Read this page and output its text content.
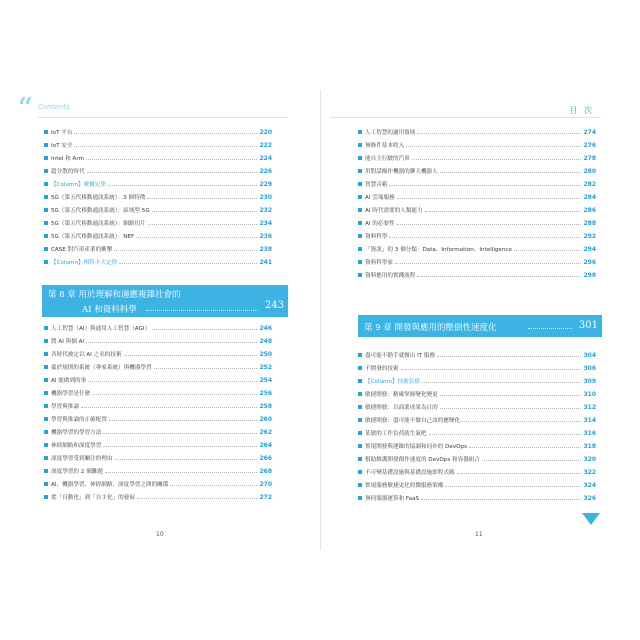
“ Contents
IoT 平台	220
IoT 安全	222
Intel 和 Arm	224
超分散的時代	226
【Column】摩爾定律	229
5G（第五代移動通訊系統）：3 個特徵	230
5G（第五代移動通訊系統）：區域型 5G	232
5G（第五代移動通訊系統）：網路切片	234
5G（第五代移動通訊系統）：NEF	236
CASE 對汽車產業的衝擊	238
【Column】梅特卡夫定律	241
第 8 章 用於理解和適應複雜社會的
AI 和資料科學	243
人工智慧（AI）與通用人工智慧（AGI）	246
將 AI 與個 AI	248
各時代被定以 AI 之名的技術	250
憂於規則的系統（專家系統）與機器學習	252
AI 能做到的事	254
機器學習是什麼	256
學習與推論	258
學習與推論的正確配置	260
機器學習的學習方法	262
神經網路和深度學習	264
深度學習受到關注的理由	266
深度學習的 2 個難題	268
AI、機器學習、神經網路、深度學習之間的關係	270
從「自動化」到「自主化」的發展	272
10
目 次
人工智慧的適用領域	274
無條件基本收入	276
能自主行駛的汽車	278
用對話操作機器的聊天機器人	280
智慧音箱	282
AI 雲端服務	284
AI 時代需要的人類能力	286
AI 的必要性	288
資料科學	292
「資訊」的 3 個分類：Data、Information、Intelligence	294
資料科學家	296
資料應用的實踐流程	298
第 9 章 開發與應用的壓倒性速度化	301
盡可能不動手就做出 IT 服務	304
不開發的技術	306
【Column】技術負債	309
敏捷開發：精確掌握變化變更	310
敏捷開發：以商業成果為目的	312
敏捷開發：盡可能不做自己該的應變化	314
某敏的工作負荷就生氣吧	316
實現開發與運維的協調和同步的 DevOps	318
幫助維護開發創作速度的 DevOps 和容器組合	320
不可變基礎設施與基礎設施即程式碼	322
實現服務敏捷更化的微服務架構	324
無伺服器運算和 FaaS	326
11
